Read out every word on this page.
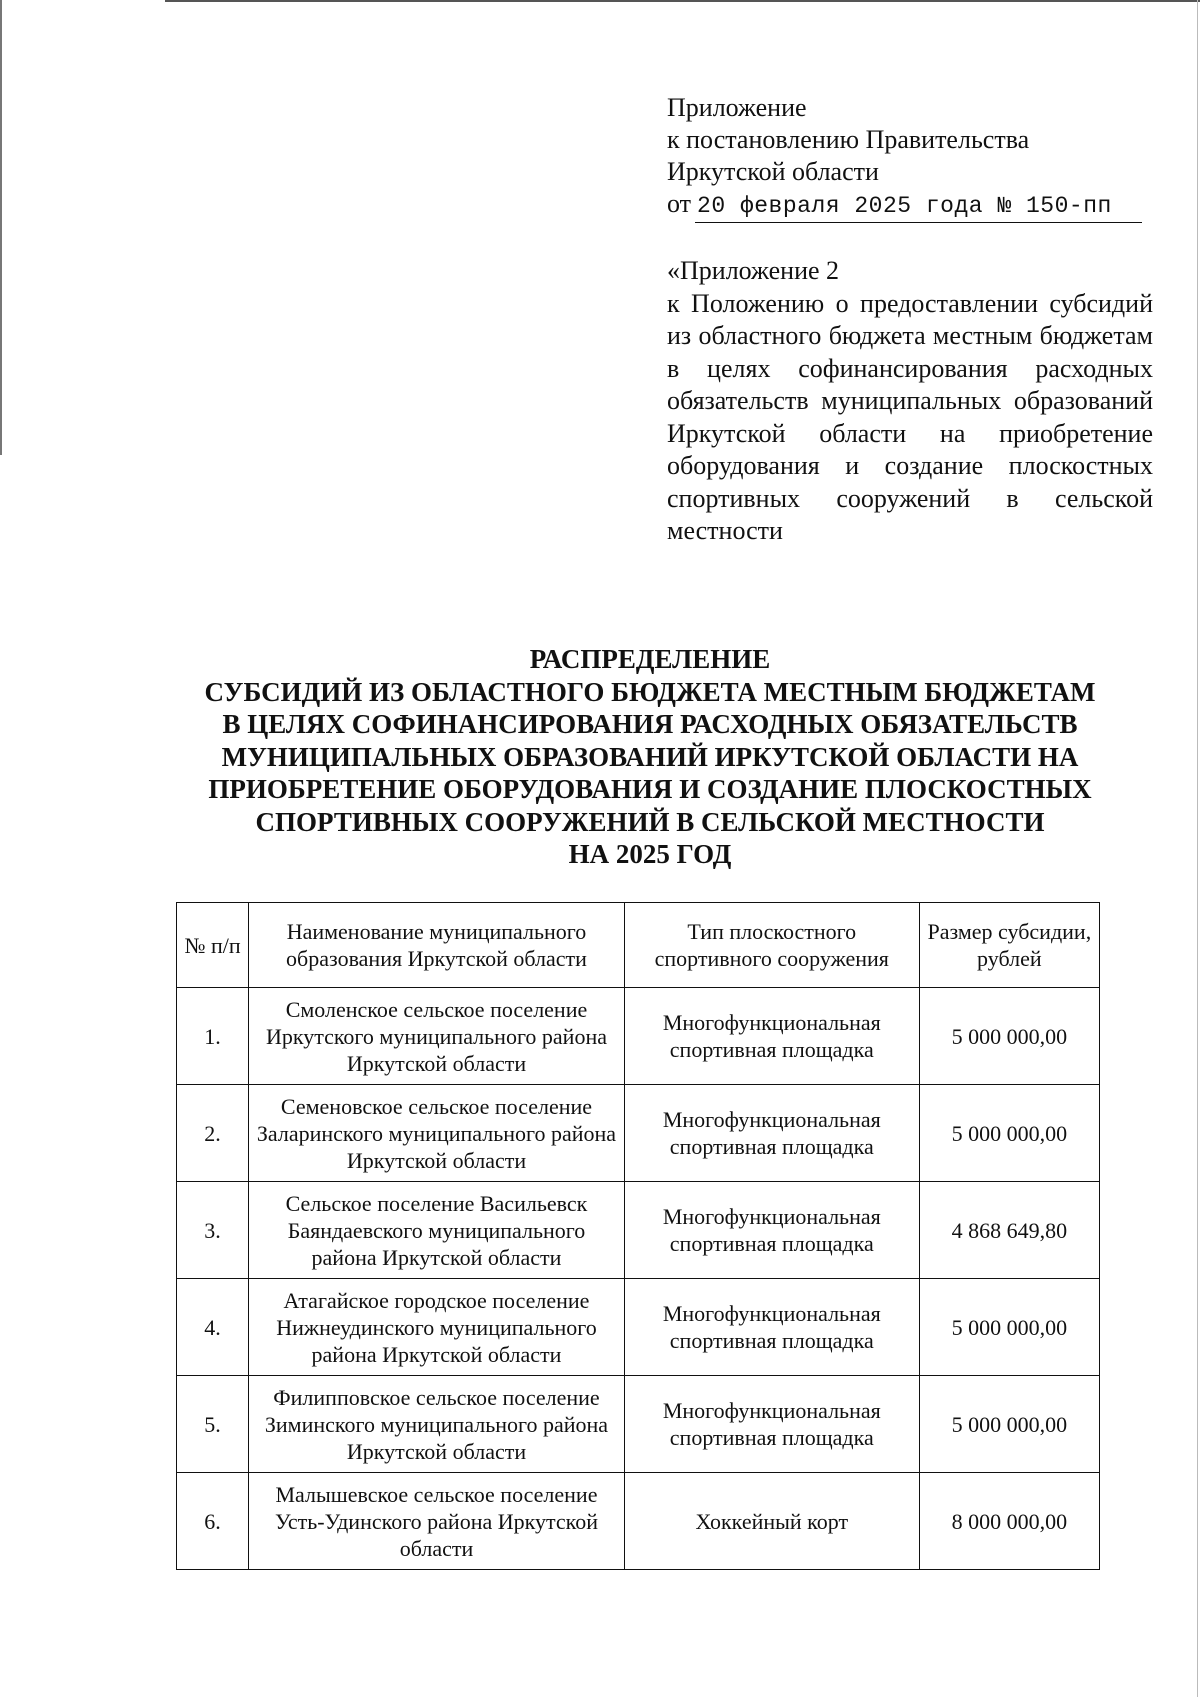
Приложение
к постановлению Правительства
Иркутской области
от 20 февраля 2025 года № 150-пп
«Приложение 2
к Положению о предоставлении субсидий из областного бюджета местным бюджетам в целях софинансирования расходных обязательств муниципальных образований Иркутской области на приобретение оборудования и создание плоскостных спортивных сооружений в сельской местности
РАСПРЕДЕЛЕНИЕ
СУБСИДИЙ ИЗ ОБЛАСТНОГО БЮДЖЕТА МЕСТНЫМ БЮДЖЕТАМ
В ЦЕЛЯХ СОФИНАНСИРОВАНИЯ РАСХОДНЫХ ОБЯЗАТЕЛЬСТВ
МУНИЦИПАЛЬНЫХ ОБРАЗОВАНИЙ ИРКУТСКОЙ ОБЛАСТИ НА
ПРИОБРЕТЕНИЕ ОБОРУДОВАНИЯ И СОЗДАНИЕ ПЛОСКОСТНЫХ
СПОРТИВНЫХ СООРУЖЕНИЙ В СЕЛЬСКОЙ МЕСТНОСТИ
НА 2025 ГОД
№ п/п	Наименование муниципального образования Иркутской области	Тип плоскостного спортивного сооружения	Размер субсидии, рублей
1.	Смоленское сельское поселение Иркутского муниципального района Иркутской области	Многофункциональная спортивная площадка	5 000 000,00
2.	Семеновское сельское поселение Заларинского муниципального района Иркутской области	Многофункциональная спортивная площадка	5 000 000,00
3.	Сельское поселение Васильевск Баяндаевского муниципального района Иркутской области	Многофункциональная спортивная площадка	4 868 649,80
4.	Атагайское городское поселение Нижнеудинского муниципального района Иркутской области	Многофункциональная спортивная площадка	5 000 000,00
5.	Филипповское сельское поселение Зиминского муниципального района Иркутской области	Многофункциональная спортивная площадка	5 000 000,00
6.	Малышевское сельское поселение Усть-Удинского района Иркутской области	Хоккейный корт	8 000 000,00
